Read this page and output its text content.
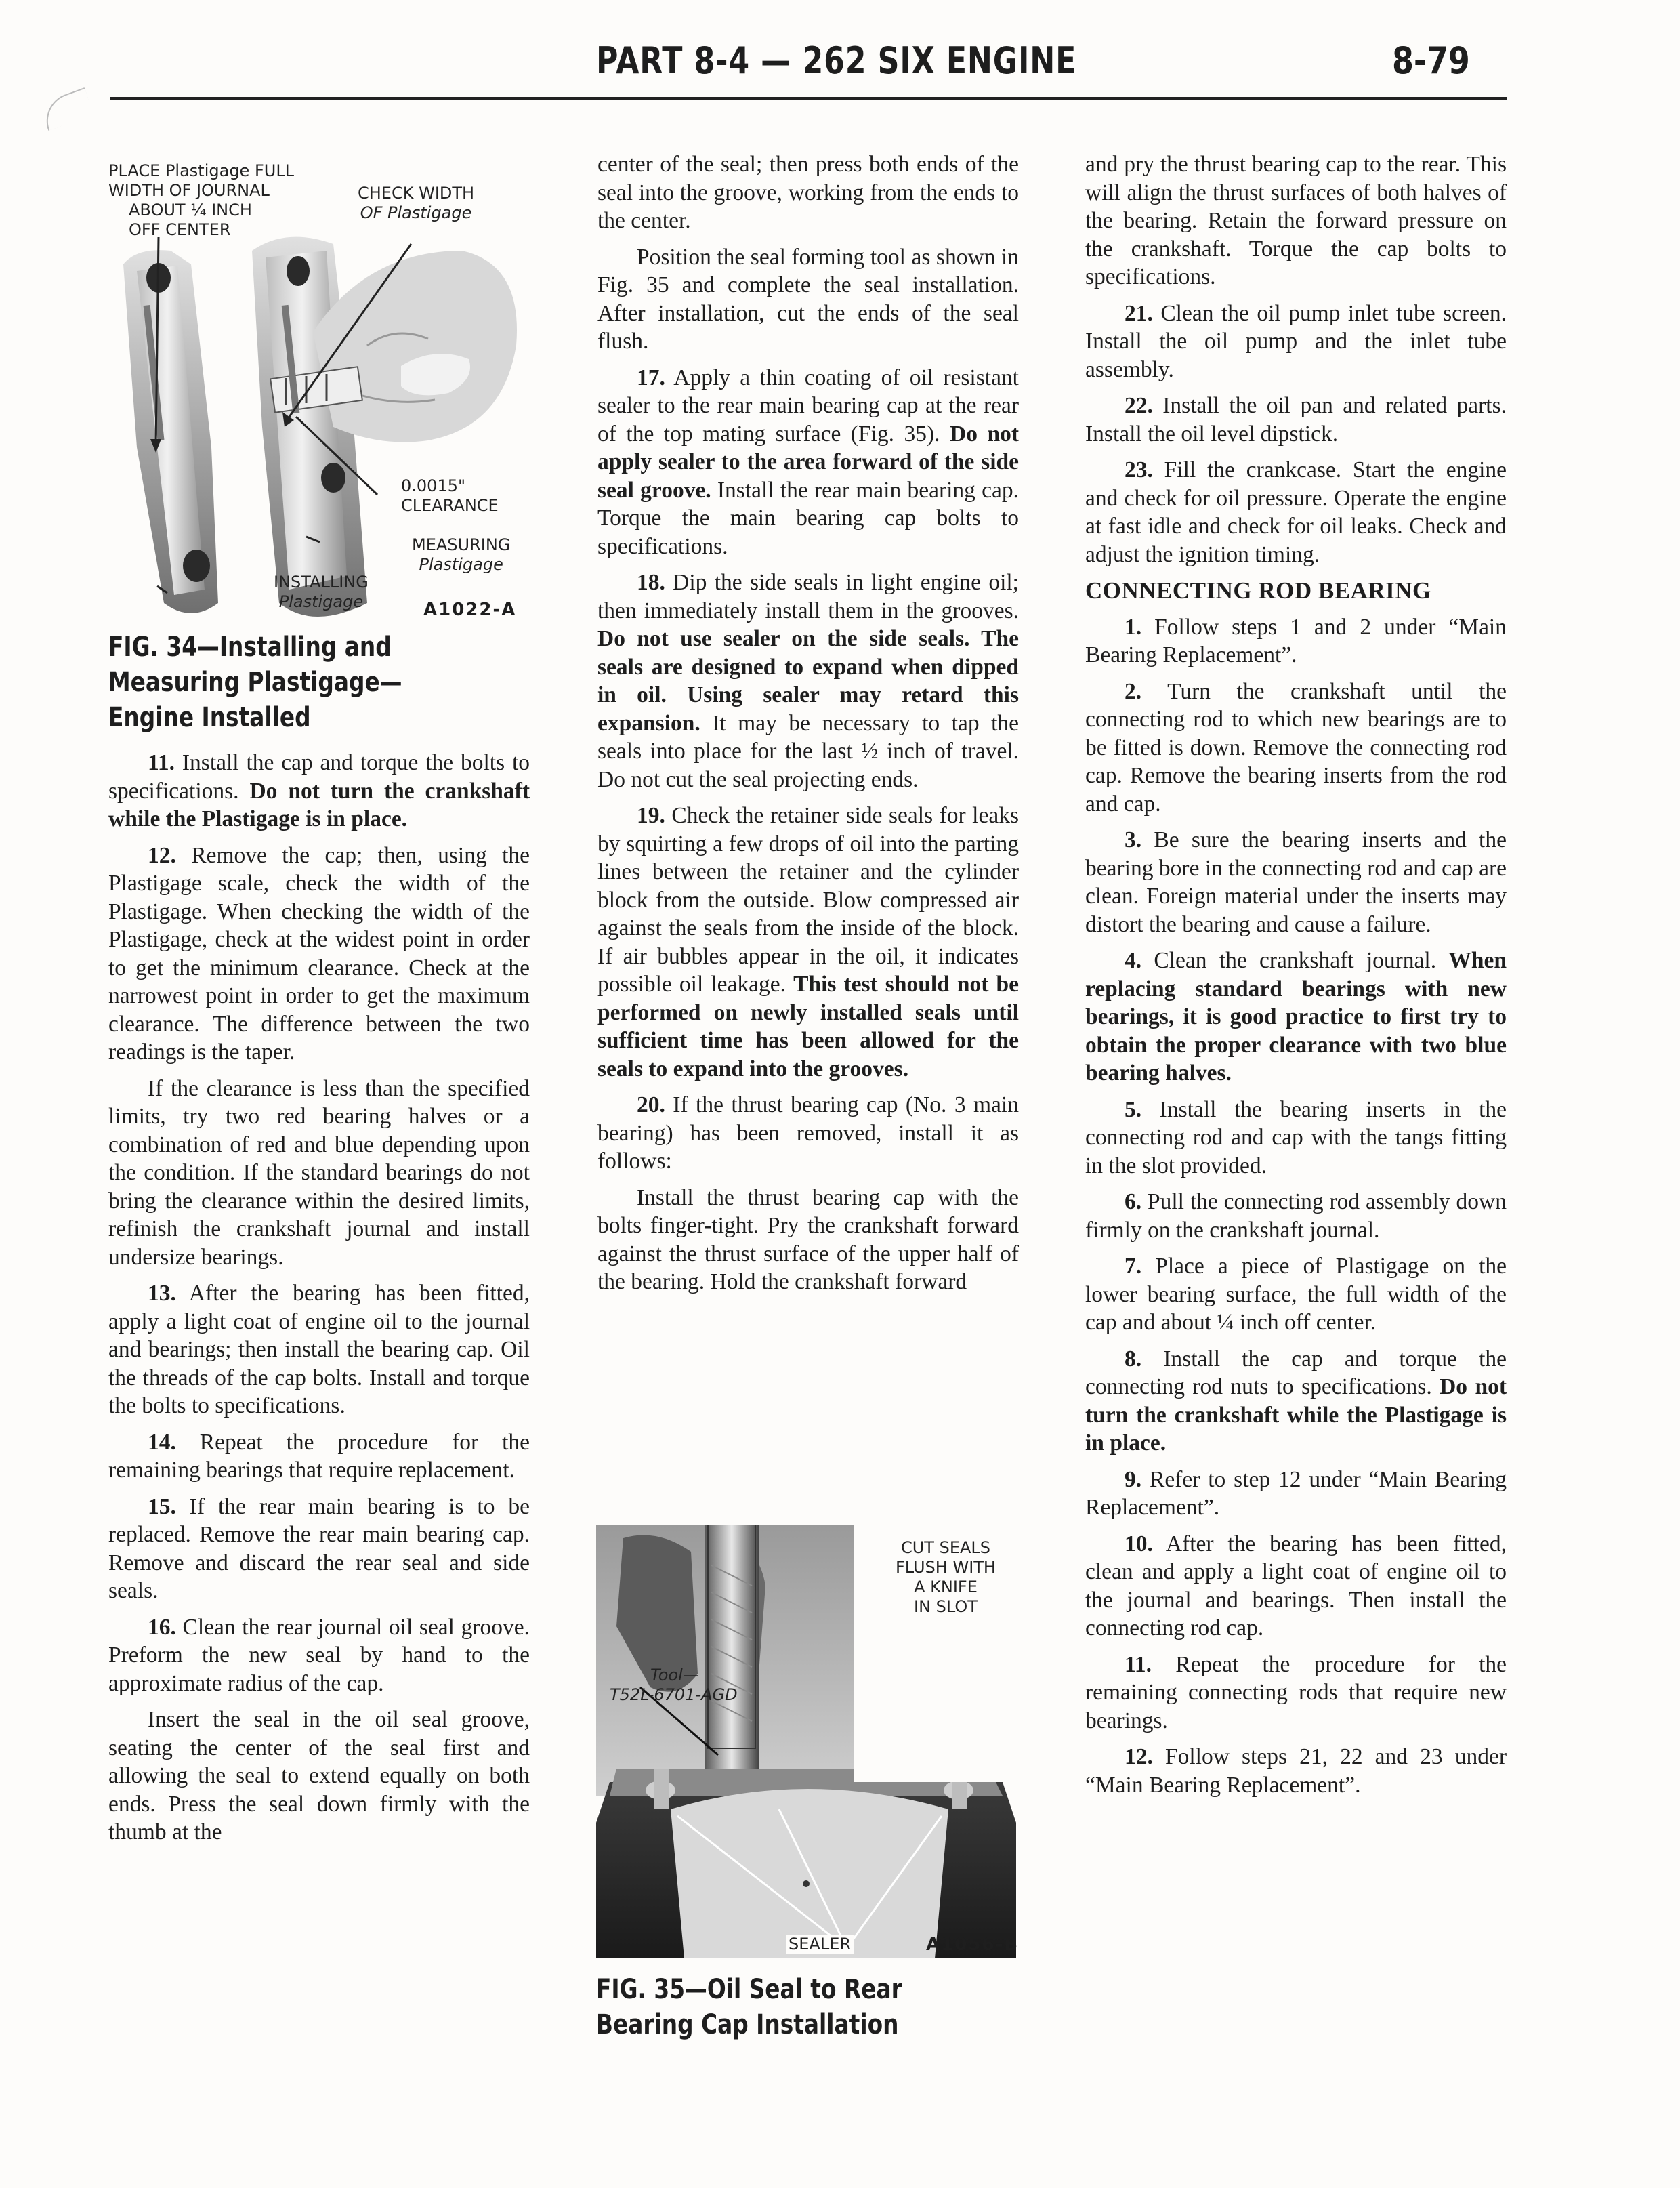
PART 8-4 — 262 SIX ENGINE	8-79
PLACE Plastigage FULL
WIDTH OF JOURNAL
ABOUT ¼ INCH
OFF CENTER
CHECK WIDTH
OF Plastigage
0.0015"
CLEARANCE
MEASURING
Plastigage
INSTALLING
Plastigage	A1022-A
FIG. 34—Installing and
Measuring Plastigage—
Engine Installed

11. Install the cap and torque the bolts to specifications. Do not turn the crankshaft while the Plastigage is in place.

12. Remove the cap; then, using the Plastigage scale, check the width of the Plastigage. When checking the width of the Plastigage, check at the widest point in order to get the minimum clearance. Check at the narrowest point in order to get the maximum clearance. The difference between the two readings is the taper.

If the clearance is less than the specified limits, try two red bearing halves or a combination of red and blue depending upon the condition. If the standard bearings do not bring the clearance within the desired limits, refinish the crankshaft journal and install undersize bearings.

13. After the bearing has been fitted, apply a light coat of engine oil to the journal and bearings; then install the bearing cap. Oil the threads of the cap bolts. Install and torque the bolts to specifications.

14. Repeat the procedure for the remaining bearings that require replacement.

15. If the rear main bearing is to be replaced. Remove the rear main bearing cap. Remove and discard the rear seal and side seals.

16. Clean the rear journal oil seal groove. Preform the new seal by hand to the approximate radius of the cap.

Insert the seal in the oil seal groove, seating the center of the seal first and allowing the seal to extend equally on both ends. Press the seal down firmly with the thumb at the

center of the seal; then press both ends of the seal into the groove, working from the ends to the center.

Position the seal forming tool as shown in Fig. 35 and complete the seal installation. After installation, cut the ends of the seal flush.

17. Apply a thin coating of oil resistant sealer to the rear main bearing cap at the rear of the top mating surface (Fig. 35). Do not apply sealer to the area forward of the side seal groove. Install the rear main bearing cap. Torque the main bearing cap bolts to specifications.

18. Dip the side seals in light engine oil; then immediately install them in the grooves. Do not use sealer on the side seals. The seals are designed to expand when dipped in oil. Using sealer may retard this expansion. It may be necessary to tap the seals into place for the last ½ inch of travel. Do not cut the seal projecting ends.

19. Check the retainer side seals for leaks by squirting a few drops of oil into the parting lines between the retainer and the cylinder block from the outside. Blow compressed air against the seals from the inside of the block. If air bubbles appear in the oil, it indicates possible oil leakage. This test should not be performed on newly installed seals until sufficient time has been allowed for the seals to expand into the grooves.

20. If the thrust bearing cap (No. 3 main bearing) has been removed, install it as follows:

Install the thrust bearing cap with the bolts finger-tight. Pry the crankshaft forward against the thrust surface of the upper half of the bearing. Hold the crankshaft forward

CUT SEALS
FLUSH WITH
A KNIFE
IN SLOT
Tool—
T52L-6701-AGD
SEALER	A1056-B
FIG. 35—Oil Seal to Rear
Bearing Cap Installation

and pry the thrust bearing cap to the rear. This will align the thrust surfaces of both halves of the bearing. Retain the forward pressure on the crankshaft. Torque the cap bolts to specifications.

21. Clean the oil pump inlet tube screen. Install the oil pump and the inlet tube assembly.

22. Install the oil pan and related parts. Install the oil level dipstick.

23. Fill the crankcase. Start the engine and check for oil pressure. Operate the engine at fast idle and check for oil leaks. Check and adjust the ignition timing.

CONNECTING ROD BEARING

1. Follow steps 1 and 2 under “Main Bearing Replacement”.

2. Turn the crankshaft until the connecting rod to which new bearings are to be fitted is down. Remove the connecting rod cap. Remove the bearing inserts from the rod and cap.

3. Be sure the bearing inserts and the bearing bore in the connecting rod and cap are clean. Foreign material under the inserts may distort the bearing and cause a failure.

4. Clean the crankshaft journal. When replacing standard bearings with new bearings, it is good practice to first try to obtain the proper clearance with two blue bearing halves.

5. Install the bearing inserts in the connecting rod and cap with the tangs fitting in the slot provided.

6. Pull the connecting rod assembly down firmly on the crankshaft journal.

7. Place a piece of Plastigage on the lower bearing surface, the full width of the cap and about ¼ inch off center.

8. Install the cap and torque the connecting rod nuts to specifications. Do not turn the crankshaft while the Plastigage is in place.

9. Refer to step 12 under “Main Bearing Replacement”.

10. After the bearing has been fitted, clean and apply a light coat of engine oil to the journal and bearings. Then install the connecting rod cap.

11. Repeat the procedure for the remaining connecting rods that require new bearings.

12. Follow steps 21, 22 and 23 under “Main Bearing Replacement”.
